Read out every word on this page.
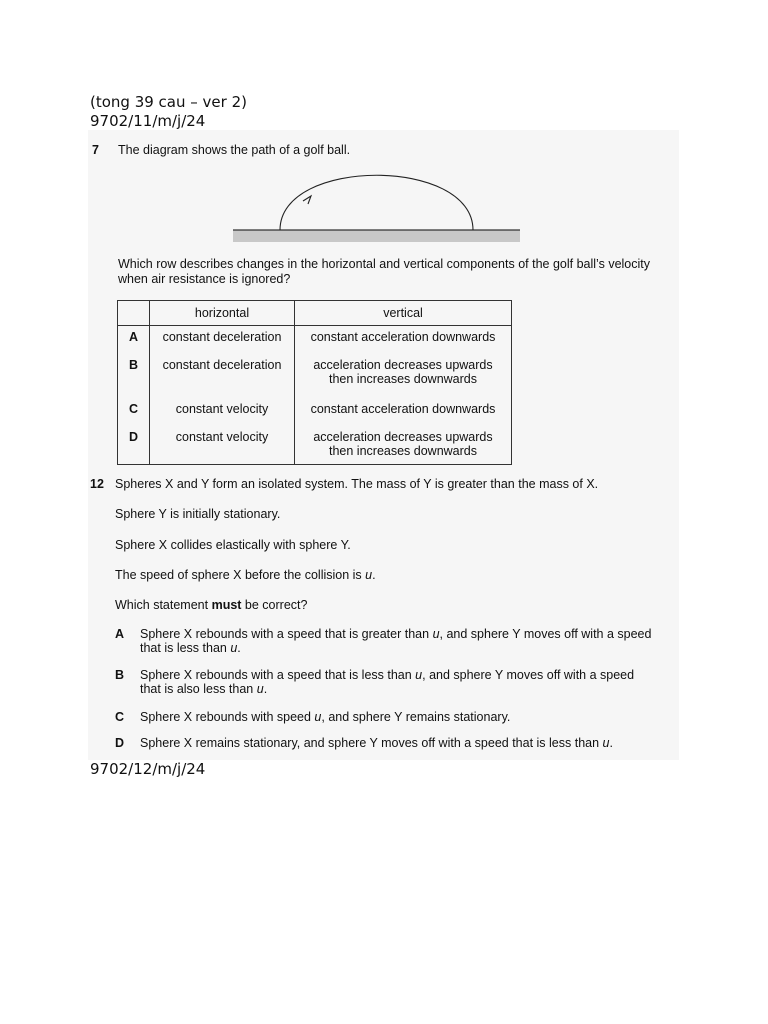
(tong 39 cau – ver 2)
9702/11/m/j/24
7 The diagram shows the path of a golf ball.
Which row describes changes in the horizontal and vertical components of the golf ball’s velocity
when air resistance is ignored?
	horizontal	vertical
A	constant deceleration	constant acceleration downwards

B	constant deceleration	acceleration decreases upwards
then increases downwards

C	constant velocity	constant acceleration downwards

D	constant velocity	acceleration decreases upwards
then increases downwards
12 Spheres X and Y form an isolated system. The mass of Y is greater than the mass of X.
Sphere Y is initially stationary.
Sphere X collides elastically with sphere Y.
The speed of sphere X before the collision is u.
Which statement must be correct?
A Sphere X rebounds with a speed that is greater than u, and sphere Y moves off with a speed
that is less than u.
B Sphere X rebounds with a speed that is less than u, and sphere Y moves off with a speed
that is also less than u.
C Sphere X rebounds with speed u, and sphere Y remains stationary.
D Sphere X remains stationary, and sphere Y moves off with a speed that is less than u.
9702/12/m/j/24
